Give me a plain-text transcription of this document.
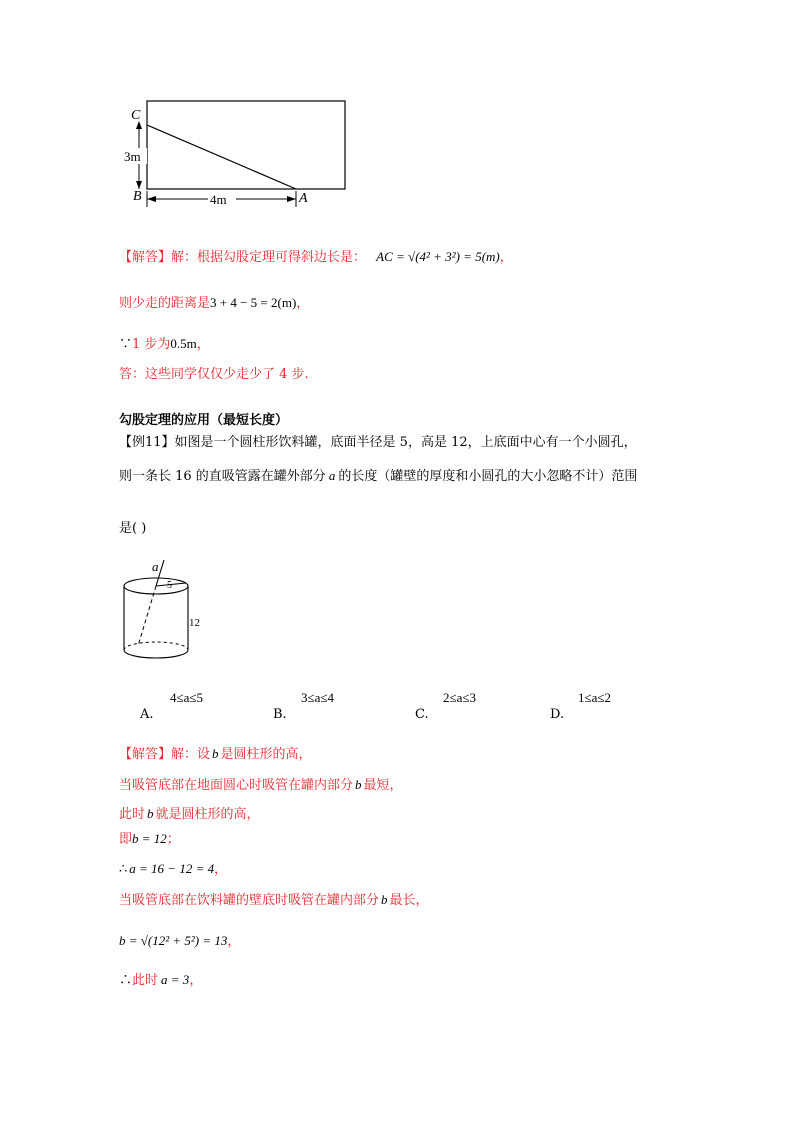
C
B	A
3m
4m
【解答】解：根据勾股定理可得斜边长是： AC = √(4² + 3²) = 5(m)，
则少走的距离是3 + 4 − 5 = 2(m)，
∵1 步为0.5m，
答：这些同学仅仅少走少了 4 步.
勾股定理的应用（最短长度）
【例11】如图是一个圆柱形饮料罐，底面半径是 5，高是 12，上底面中心有一个小圆孔，
则一条长 16 的直吸管露在罐外部分 a 的长度（罐壁的厚度和小圆孔的大小忽略不计）范围
是( )
a
5
12
4≤a≤5
A.
3≤a≤4
B.
2≤a≤3
C.
1≤a≤2
D.
【解答】解：设 b 是圆柱形的高，
当吸管底部在地面圆心时吸管在罐内部分 b 最短，
此时 b 就是圆柱形的高，
即b = 12；
∴ a = 16 − 12 = 4，
当吸管底部在饮料罐的壁底时吸管在罐内部分 b 最长，
b = √(12² + 5²) = 13，
∴此时 a = 3，
